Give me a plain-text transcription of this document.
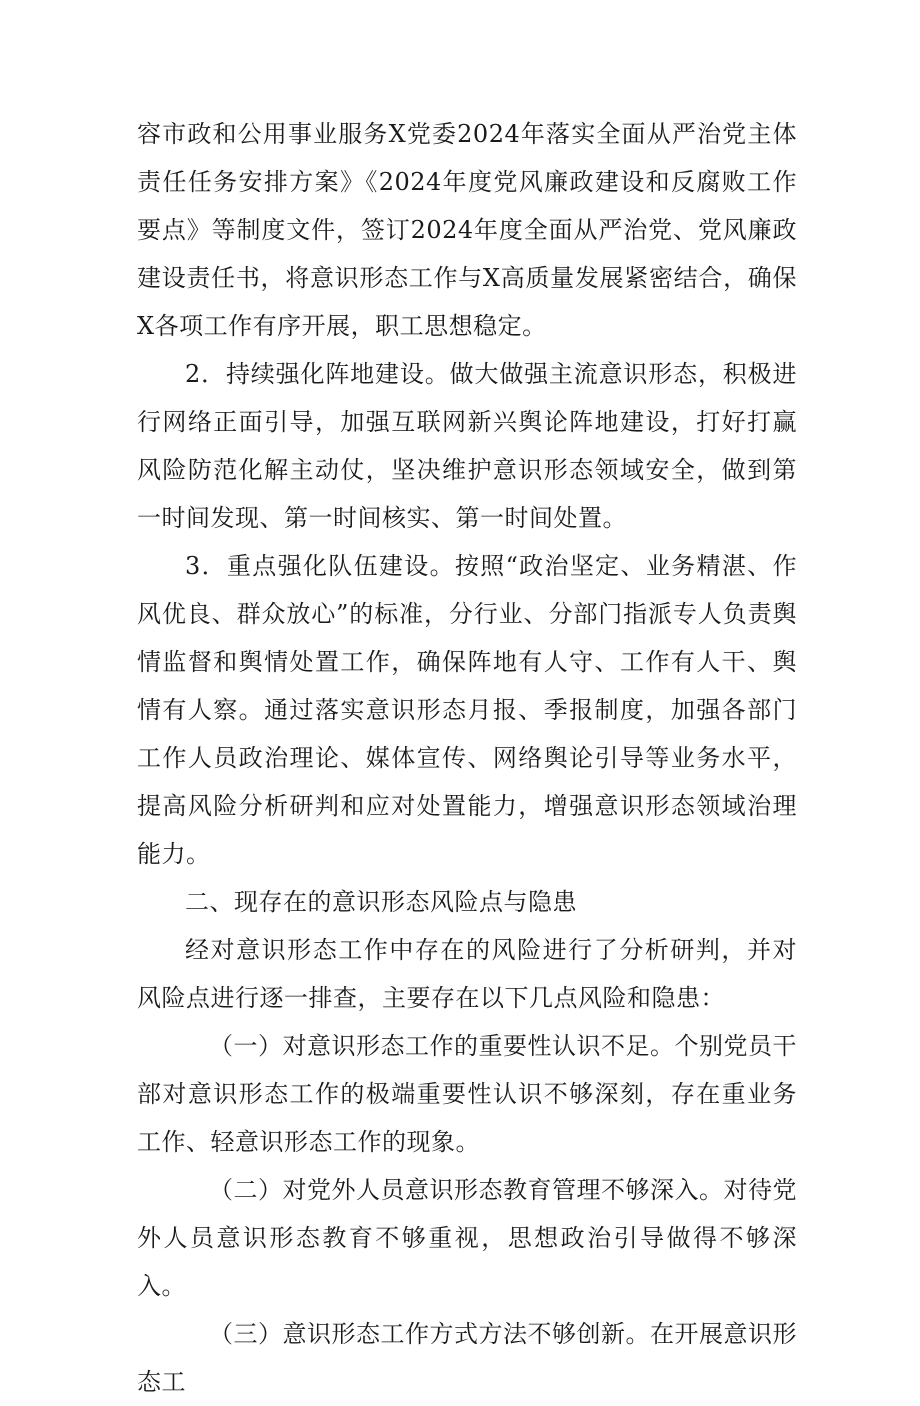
容市政和公用事业服务X党委2024年落实全面从严治党主体责任任务安排方案》《2024年度党风廉政建设和反腐败工作要点》等制度文件，签订2024年度全面从严治党、党风廉政建设责任书，将意识形态工作与X高质量发展紧密结合，确保X各项工作有序开展，职工思想稳定。

2．持续强化阵地建设。做大做强主流意识形态，积极进行网络正面引导，加强互联网新兴舆论阵地建设，打好打赢风险防范化解主动仗，坚决维护意识形态领域安全，做到第一时间发现、第一时间核实、第一时间处置。

3．重点强化队伍建设。按照“政治坚定、业务精湛、作风优良、群众放心”的标准，分行业、分部门指派专人负责舆情监督和舆情处置工作，确保阵地有人守、工作有人干、舆情有人察。通过落实意识形态月报、季报制度，加强各部门工作人员政治理论、媒体宣传、网络舆论引导等业务水平，提高风险分析研判和应对处置能力，增强意识形态领域治理能力。

二、现存在的意识形态风险点与隐患

经对意识形态工作中存在的风险进行了分析研判，并对风险点进行逐一排查，主要存在以下几点风险和隐患：

（一）对意识形态工作的重要性认识不足。个别党员干部对意识形态工作的极端重要性认识不够深刻，存在重业务工作、轻意识形态工作的现象。

（二）对党外人员意识形态教育管理不够深入。对待党外人员意识形态教育不够重视，思想政治引导做得不够深入。

（三）意识形态工作方式方法不够创新。在开展意识形态工
